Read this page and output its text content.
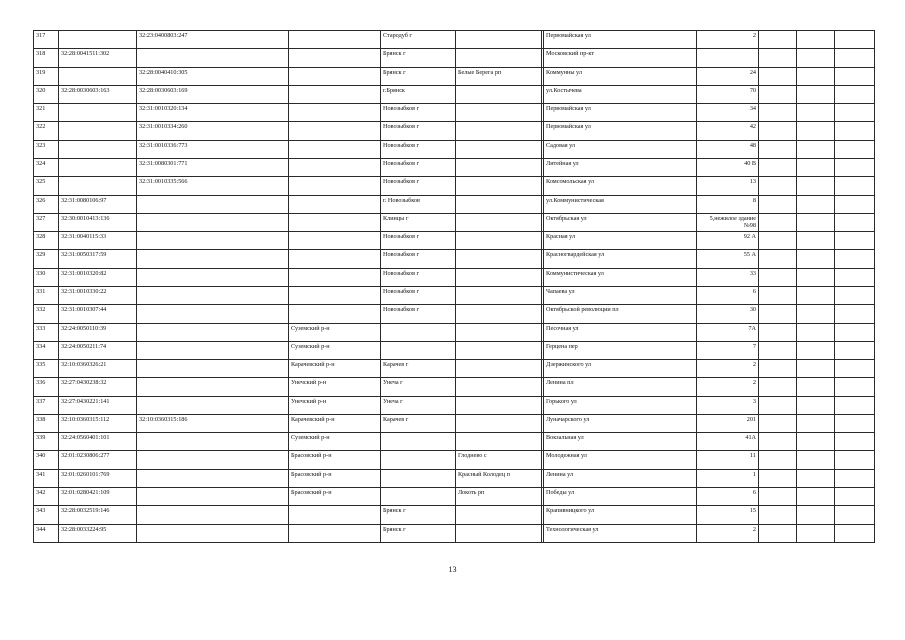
317		32:23:0400803:247		Стародуб г			Первомайская ул	2			
318	32:28:0041511:302			Брянск г			Московский пр-кт				
319		32:28:0040410:305		Брянск г	Белые Берега рп		Коммунны ул	24			
320	32:28:0030603:163	32:28:0030603:169		г.Брянск			ул.Костычева	70			
321		32:31:0010320:134		Новозыбков г			Первомайская ул	34			
322		32:31:0010334:260		Новозыбков г			Первомайская ул	42			
323		32:31:0010336:773		Новозыбков г			Садовая ул	48			
324		32:31:0080301:771		Новозыбков г			Литейная ул	40 В			
325		32:31:0010335:566		Новозыбков г			Комсомольская ул	13			
326	32:31:0080106:97			г. Новозыбков			ул.Коммунистическая	8			
327	32:30:0010413:136			Клинцы г			Октябрьская ул	5,нежилое здание №98			
328	32:31:0040115:33			Новозыбков г			Красная ул	92 А			
329	32:31:0050317:59			Новозыбков г			Красногвардейская ул	55 А			
330	32:31:0010320:82			Новозыбков г			Коммунистическая ул	33			
331	32:31:0010330:22			Новозыбков г			Чапаева ул	6			
332	32:31:0010307:44			Новозыбков г			Октябрьской революции пл	30			
333	32:24:0050110:39		Суземский р-н				Песочная ул	7А			
334	32:24:0050211:74		Суземский р-н				Герцена пер	7			
335	32:10:0360326:21		Карачевский р-н	Карачев г			Дзержинского ул	2			
336	32:27:0430238:32		Унечский р-н	Унеча г			Ленина пл	2			
337	32:27:0430221:141		Унечский р-н	Унеча г			Горького ул	3			
338	32:10:0360315:112	32:10:0360315:186	Карачевский р-н	Карачев г			Луначарского ул	201			
339	32:24:0560401:101		Суземский р-н				Вокзальная ул	41А			
340	32:01:0230806:277		Брасовский р-н		Глоднево с		Молодежная ул	11			
341	32:01:0260101:769		Брасовский р-н		Красный Колодец п		Ленина ул	1			
342	32:01:0280421:109		Брасовский р-н		Локоть рп		Победы ул	6			
343	32:28:0032519:146			Брянск г			Крапивницкого ул	15			
344	32:28:0033224:95			Брянск г			Технологическая ул	2			
13
